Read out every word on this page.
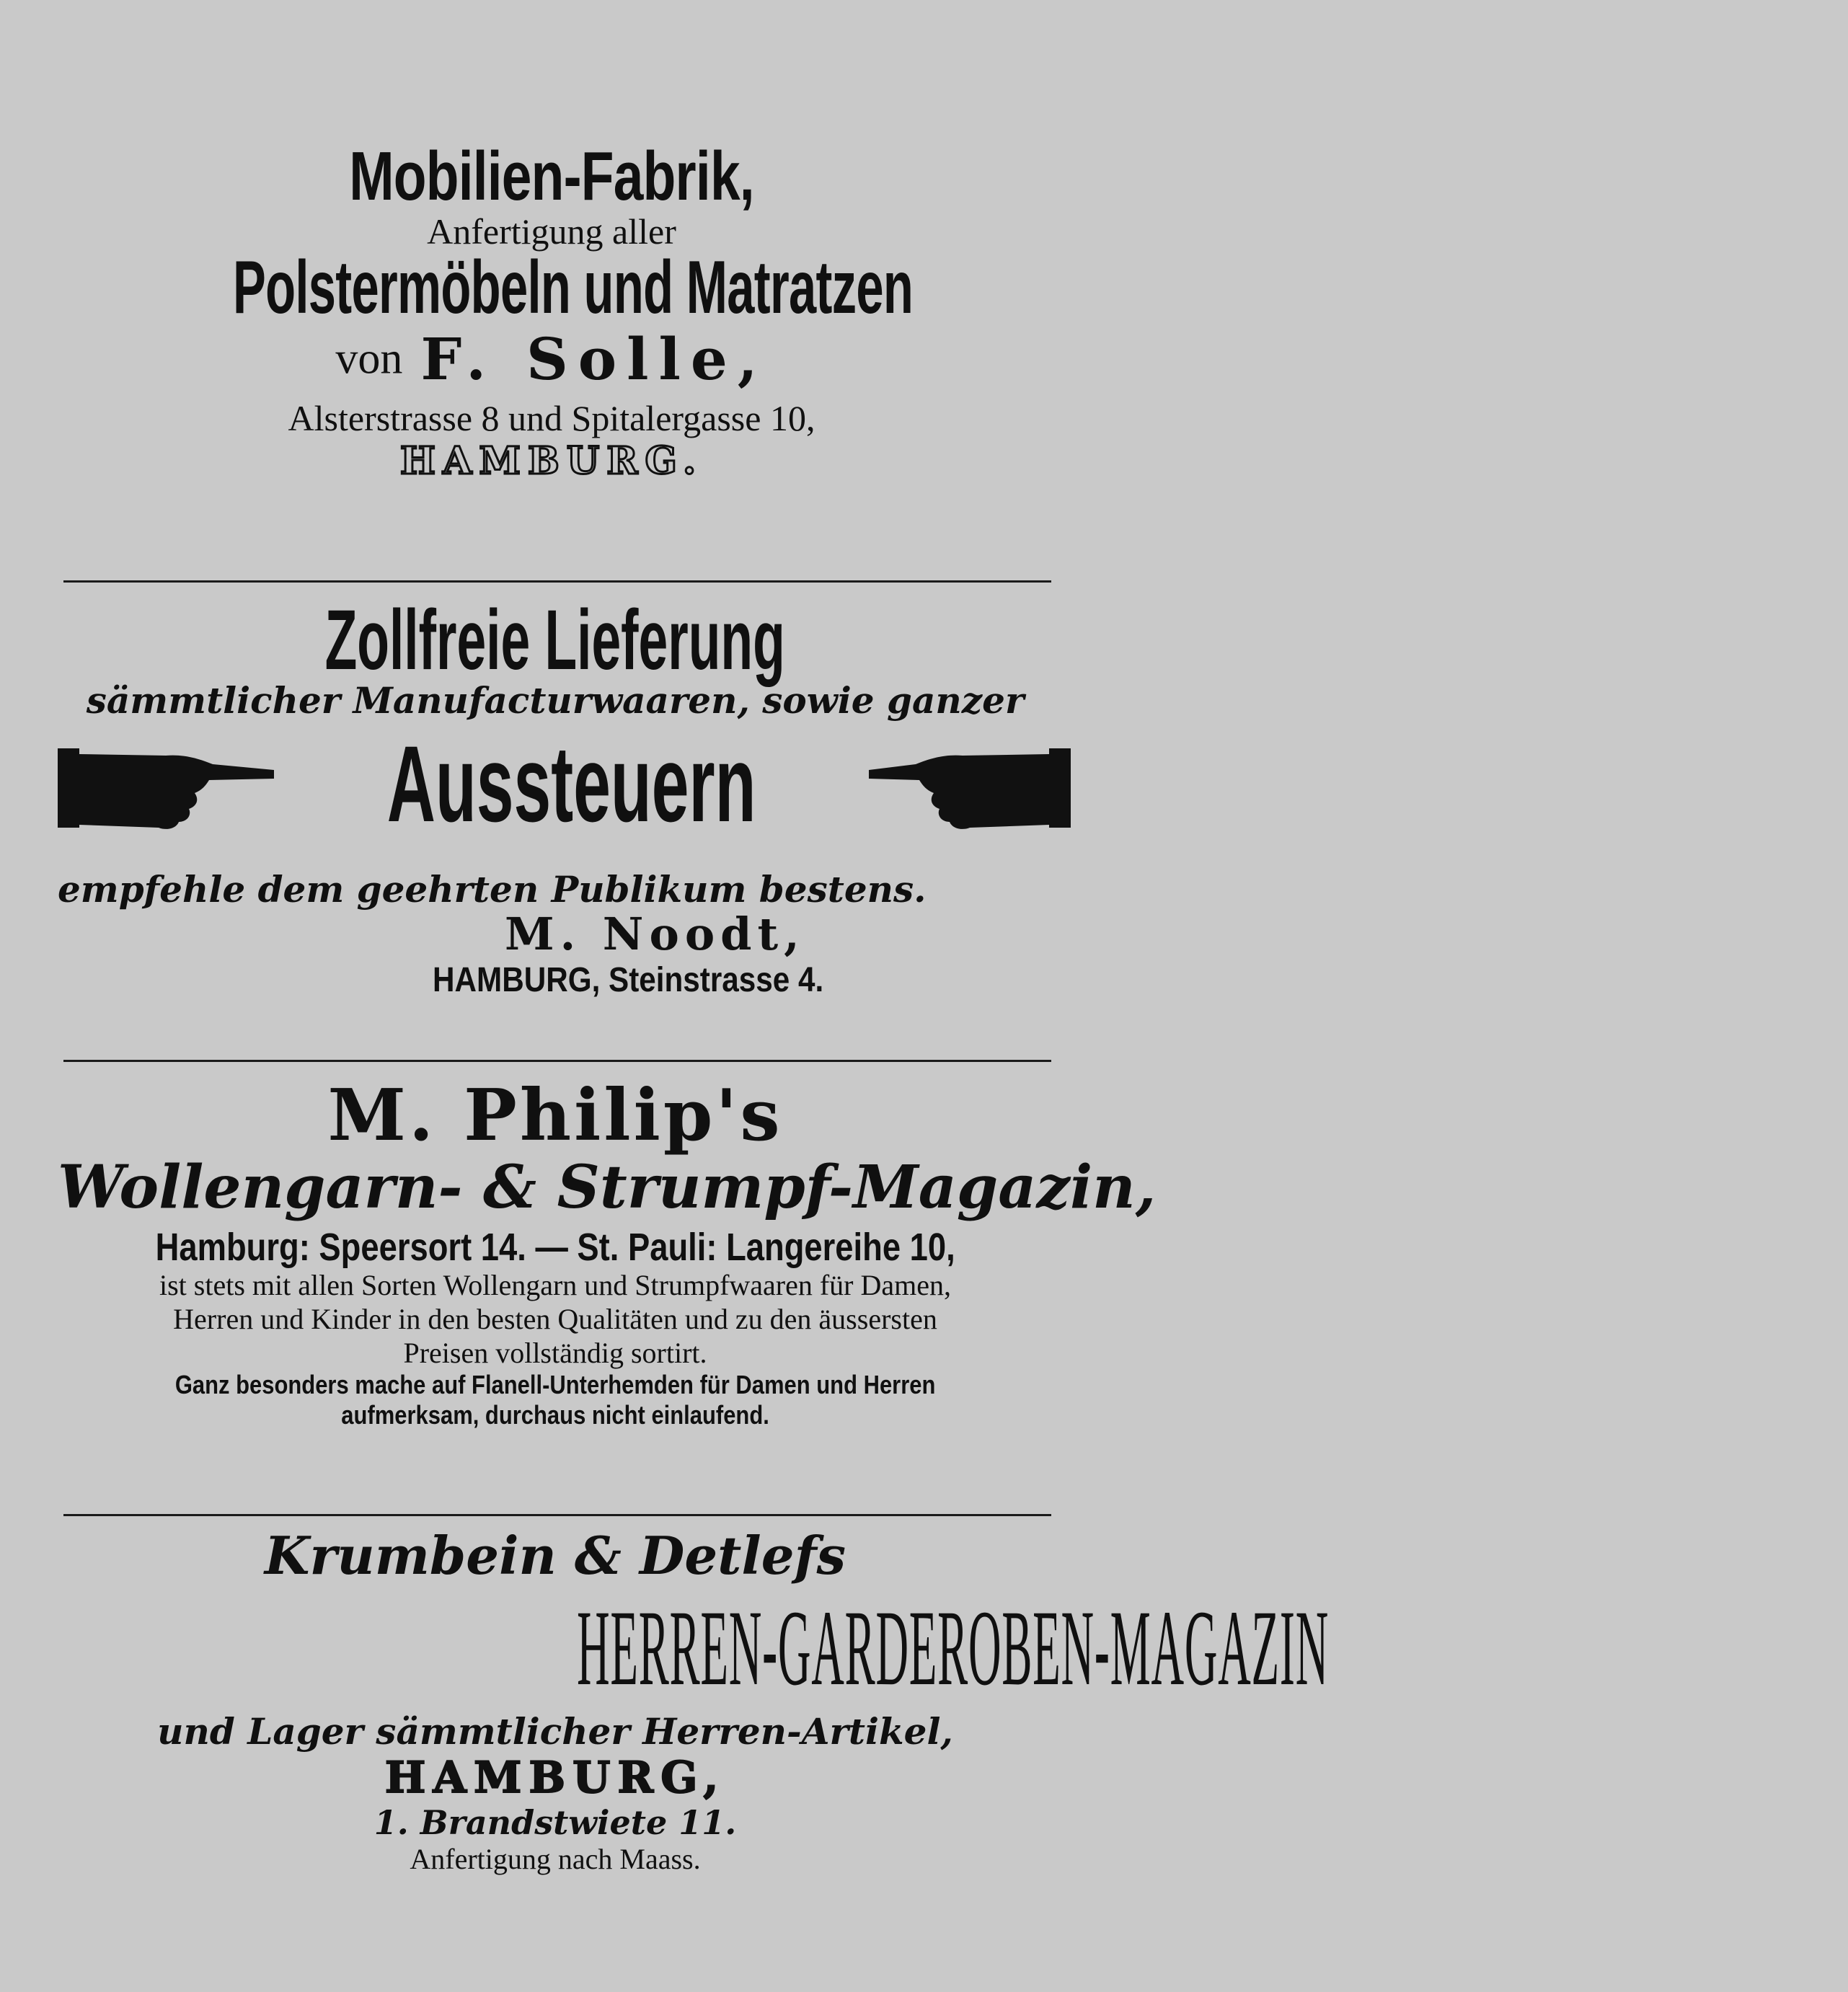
Mobilien-Fabrik,
Anfertigung aller
Polstermöbeln und Matratzen
von F. Solle,
Alsterstrasse 8 und Spitalergasse 10,
HAMBURG.
Zollfreie Lieferung
sämmtlicher Manufacturwaaren, sowie ganzer
Aussteuern
empfehle dem geehrten Publikum bestens.
M. Noodt,
HAMBURG, Steinstrasse 4.
M. Philip's
Wollengarn- & Strumpf-Magazin,
Hamburg: Speersort 14. — St. Pauli: Langereihe 10,
ist stets mit allen Sorten Wollengarn und Strumpfwaaren für Damen,
Herren und Kinder in den besten Qualitäten und zu den äussersten
Preisen vollständig sortirt.
Ganz besonders mache auf Flanell-Unterhemden für Damen und Herren
aufmerksam, durchaus nicht einlaufend.
Krumbein & Detlefs
HERREN-GARDEROBEN-MAGAZIN
und Lager sämmtlicher Herren-Artikel,
HAMBURG,
1. Brandstwiete 11.
Anfertigung nach Maass.
